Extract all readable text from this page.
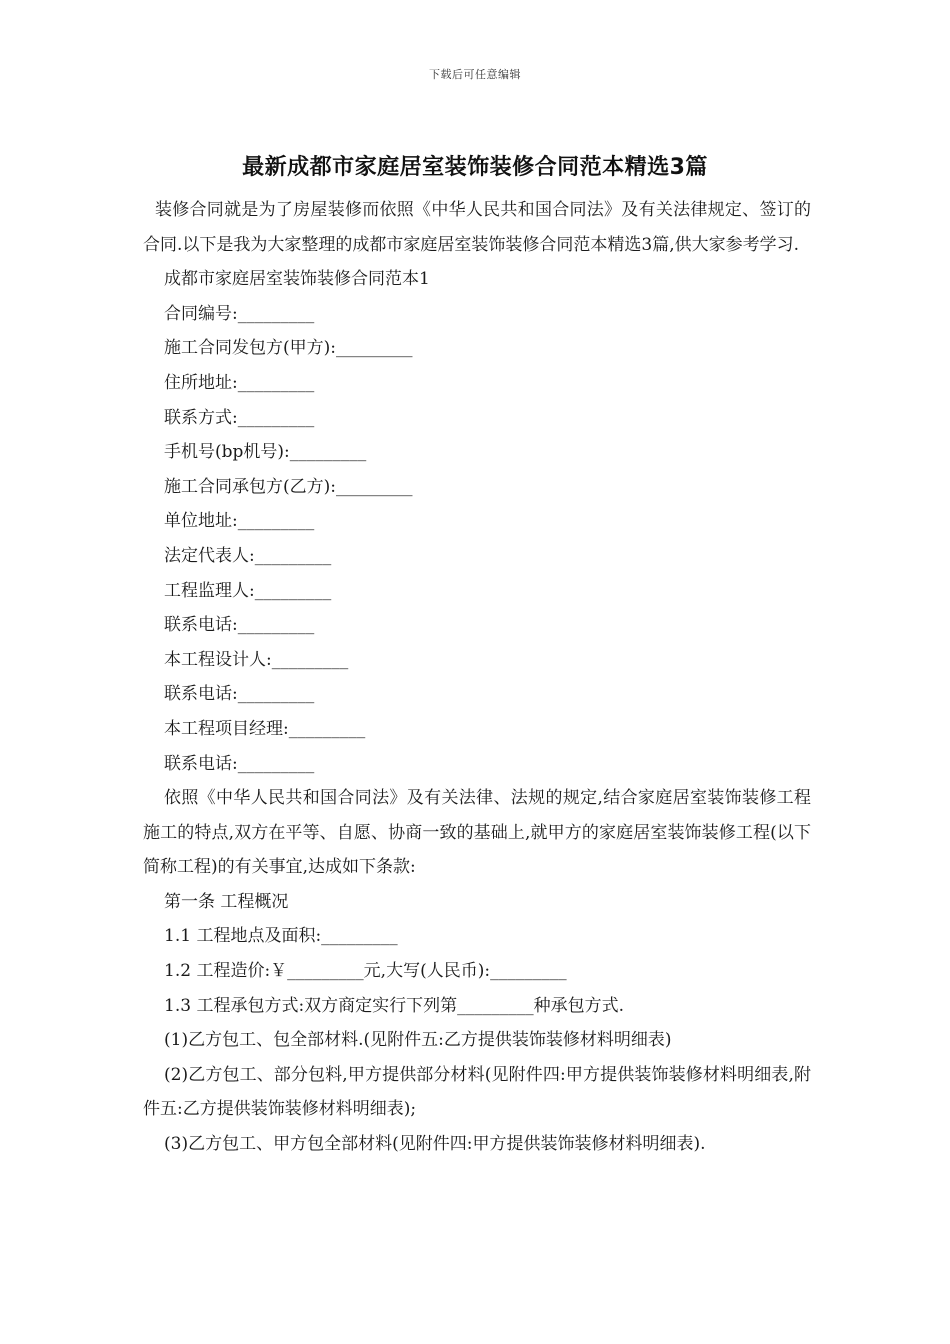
下载后可任意编辑
最新成都市家庭居室装饰装修合同范本精选3篇

装修合同就是为了房屋装修而依照《中华人民共和国合同法》及有关法律规定、签订的合同.以下是我为大家整理的成都市家庭居室装饰装修合同范本精选3篇,供大家参考学习.

成都市家庭居室装饰装修合同范本1

合同编号:_________

施工合同发包方(甲方):_________

住所地址:_________

联系方式:_________

手机号(bp机号):_________

施工合同承包方(乙方):_________

单位地址:_________

法定代表人:_________

工程监理人:_________

联系电话:_________

本工程设计人:_________

联系电话:_________

本工程项目经理:_________

联系电话:_________

依照《中华人民共和国合同法》及有关法律、法规的规定,结合家庭居室装饰装修工程施工的特点,双方在平等、自愿、协商一致的基础上,就甲方的家庭居室装饰装修工程(以下简称工程)的有关事宜,达成如下条款:

第一条 工程概况

1.1 工程地点及面积:_________

1.2 工程造价:￥_________元,大写(人民币):_________

1.3 工程承包方式:双方商定实行下列第_________种承包方式.

(1)乙方包工、包全部材料.(见附件五:乙方提供装饰装修材料明细表)

(2)乙方包工、部分包料,甲方提供部分材料(见附件四:甲方提供装饰装修材料明细表,附件五:乙方提供装饰装修材料明细表);

(3)乙方包工、甲方包全部材料(见附件四:甲方提供装饰装修材料明细表).
